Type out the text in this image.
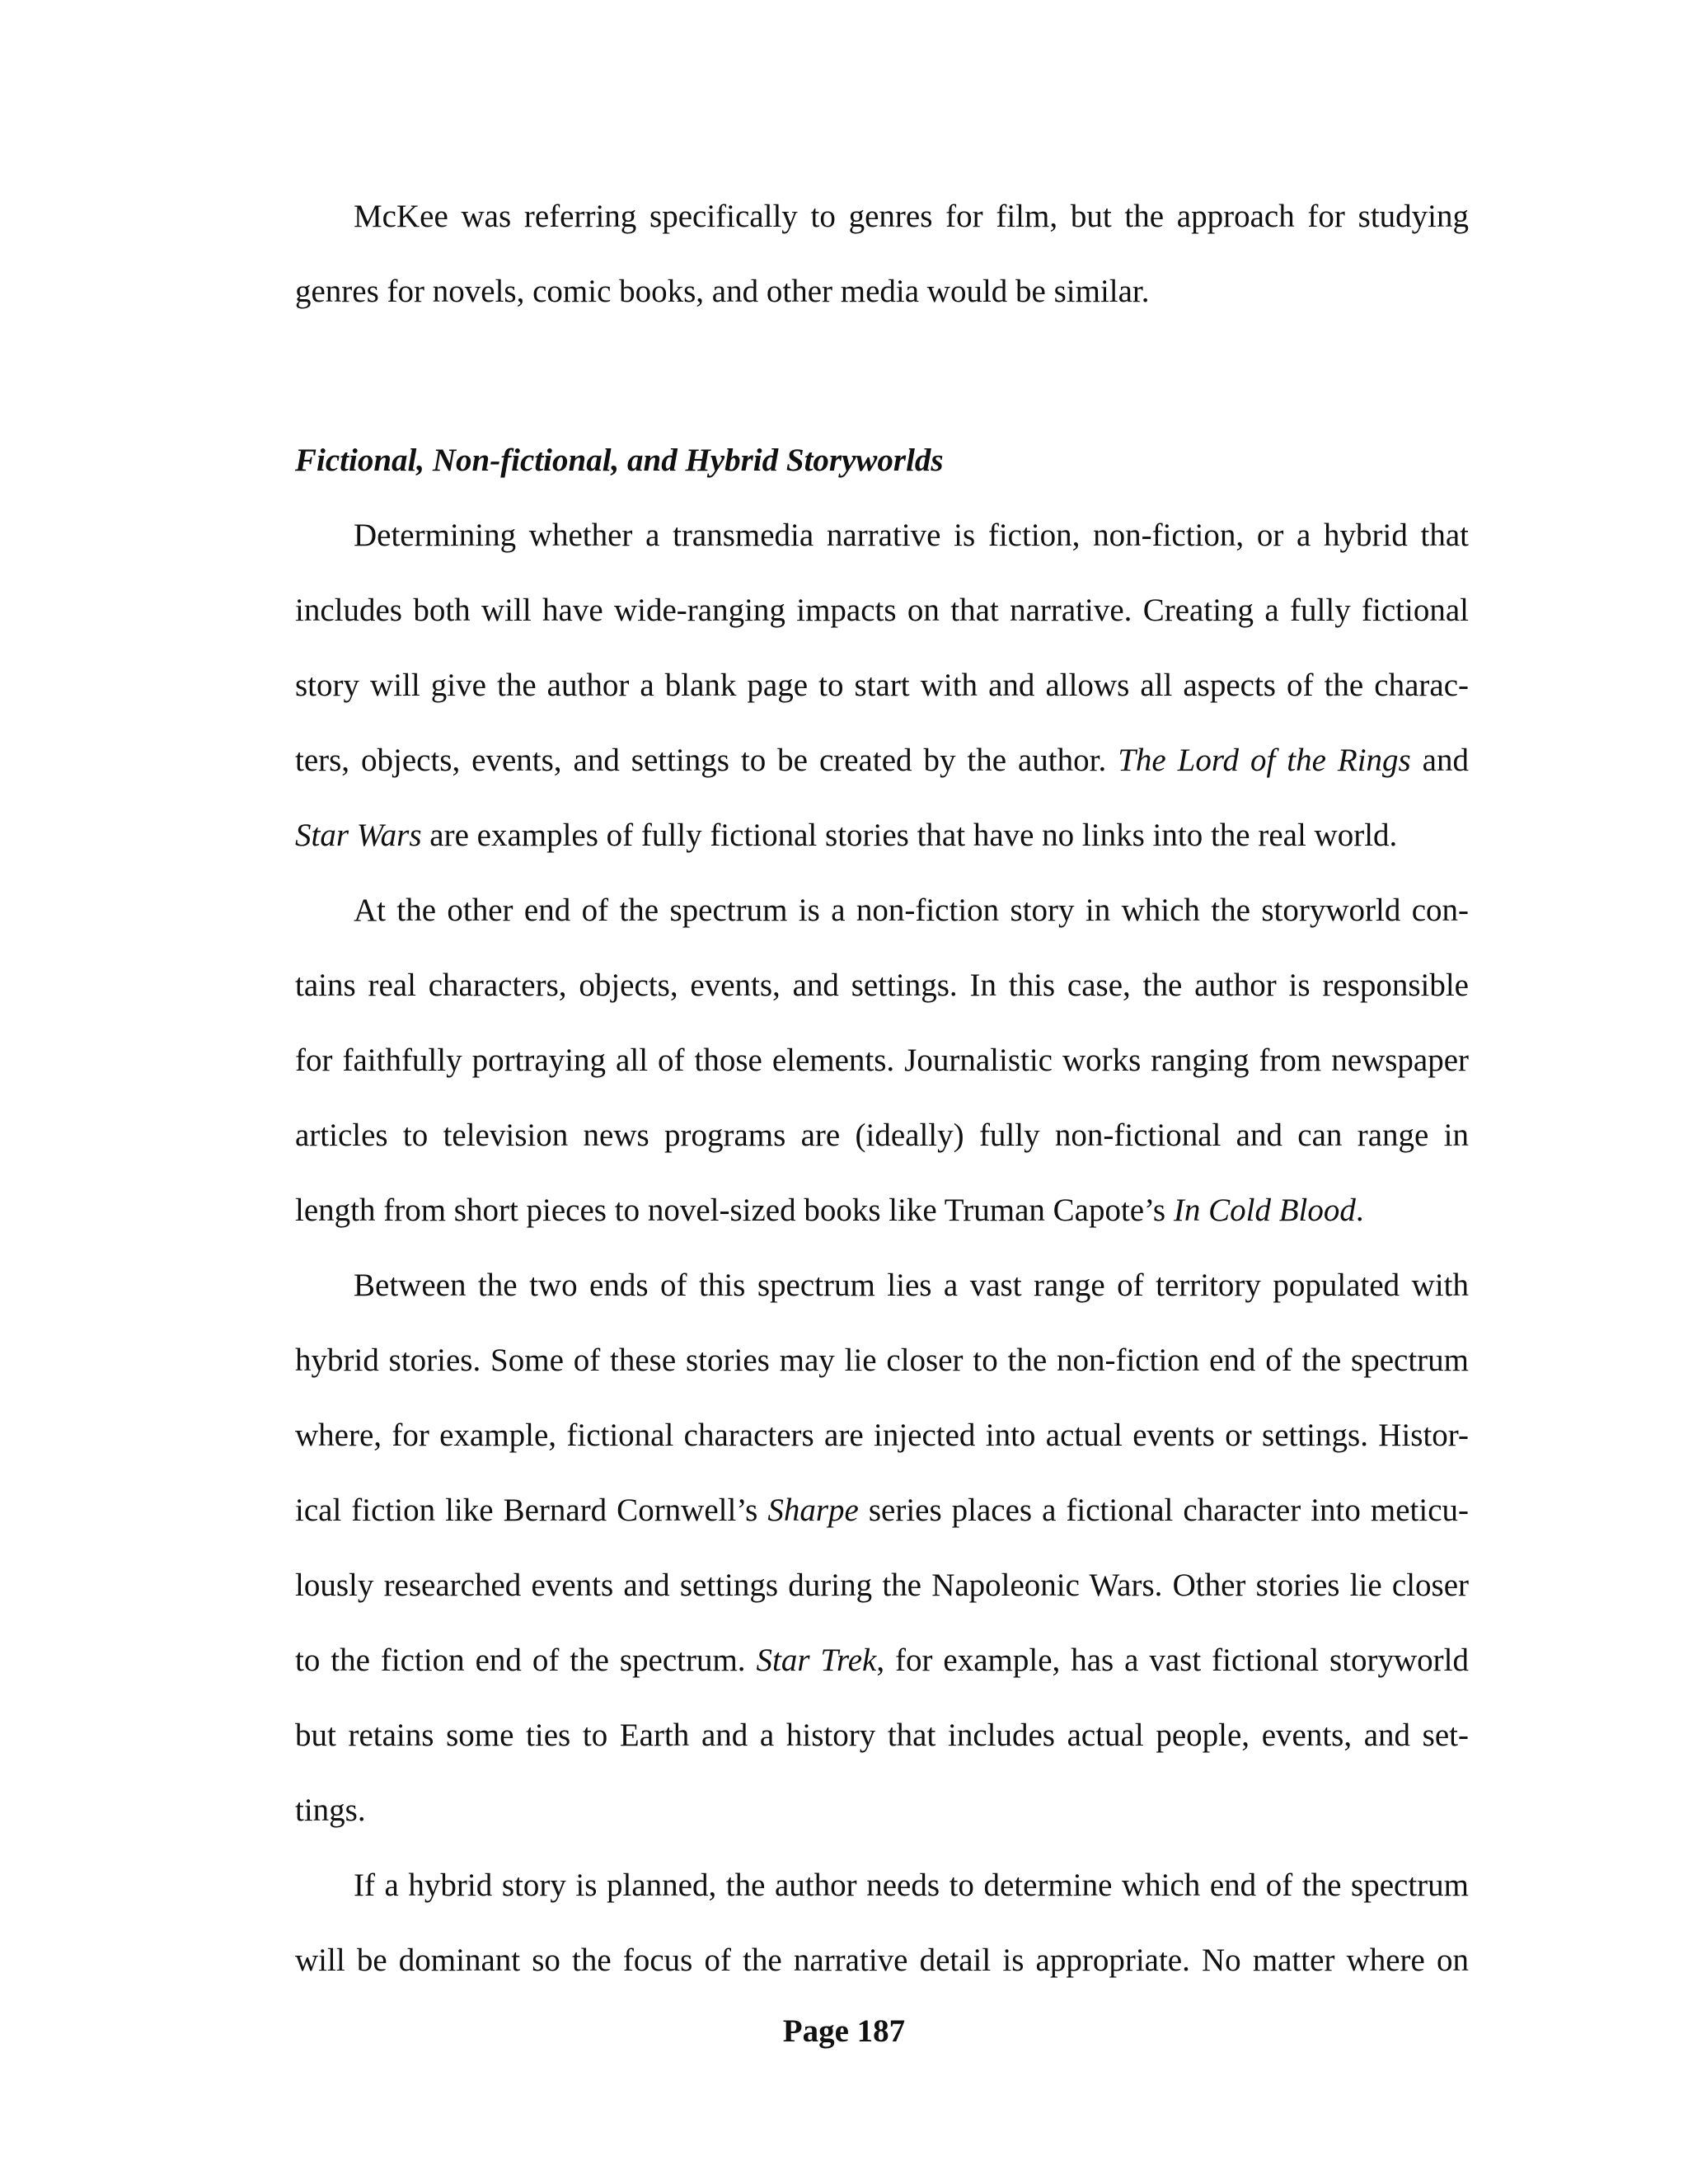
McKee was referring specifically to genres for film, but the approach for studying
genres for novels, comic books, and other media would be similar.
Fictional, Non-fictional, and Hybrid Storyworlds
Determining whether a transmedia narrative is fiction, non-fiction, or a hybrid that
includes both will have wide-ranging impacts on that narrative. Creating a fully fictional
story will give the author a blank page to start with and allows all aspects of the charac-
ters, objects, events, and settings to be created by the author. The Lord of the Rings and
Star Wars are examples of fully fictional stories that have no links into the real world.
At the other end of the spectrum is a non-fiction story in which the storyworld con-
tains real characters, objects, events, and settings. In this case, the author is responsible
for faithfully portraying all of those elements. Journalistic works ranging from newspaper
articles to television news programs are (ideally) fully non-fictional and can range in
length from short pieces to novel-sized books like Truman Capote’s In Cold Blood.
Between the two ends of this spectrum lies a vast range of territory populated with
hybrid stories. Some of these stories may lie closer to the non-fiction end of the spectrum
where, for example, fictional characters are injected into actual events or settings. Histor-
ical fiction like Bernard Cornwell’s Sharpe series places a fictional character into meticu-
lously researched events and settings during the Napoleonic Wars. Other stories lie closer
to the fiction end of the spectrum. Star Trek, for example, has a vast fictional storyworld
but retains some ties to Earth and a history that includes actual people, events, and set-
tings.
If a hybrid story is planned, the author needs to determine which end of the spectrum
will be dominant so the focus of the narrative detail is appropriate. No matter where on
Page 187
